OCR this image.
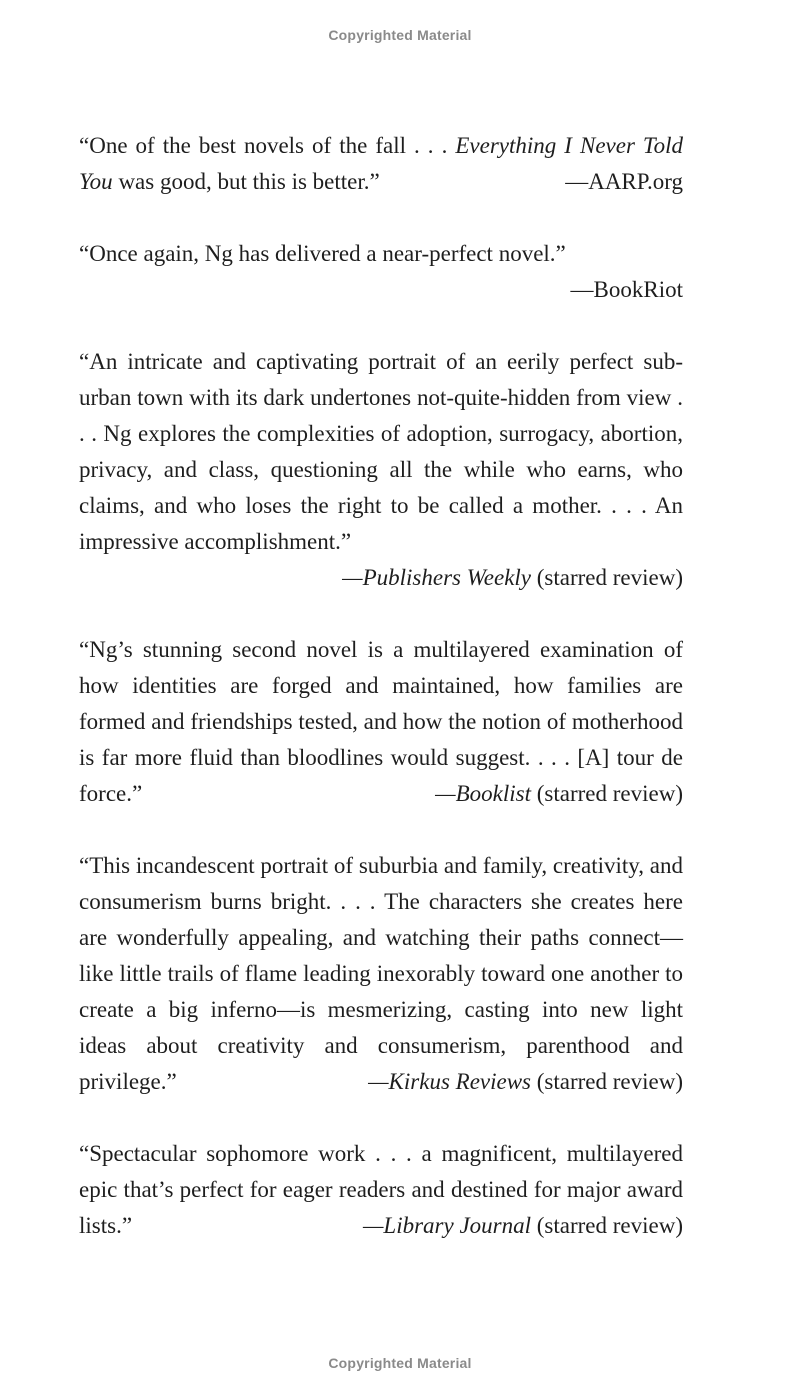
Copyrighted Material

“One of the best novels of the fall . . . Everything I Never Told You was good, but this is better.”	—AARP.org

“Once again, Ng has delivered a near-perfect novel.”

—BookRiot

“An intricate and captivating portrait of an eerily perfect suburban town with its dark undertones not-quite-hidden from view . . . Ng explores the complexities of adoption, surrogacy, abortion, privacy, and class, questioning all the while who earns, who claims, and who loses the right to be called a mother. . . . An impressive accomplishment.”

—Publishers Weekly (starred review)

“Ng’s stunning second novel is a multilayered examination of how identities are forged and maintained, how families are formed and friendships tested, and how the notion of motherhood is far more fluid than bloodlines would suggest. . . . [A] tour de force.”	—Booklist (starred review)

“This incandescent portrait of suburbia and family, creativity, and consumerism burns bright. . . . The characters she creates here are wonderfully appealing, and watching their paths connect—like little trails of flame leading inexorably toward one another to create a big inferno—is mesmerizing, casting into new light ideas about creativity and consumerism, parenthood and privilege.”	—Kirkus Reviews (starred review)

“Spectacular sophomore work . . . a magnificent, multilayered epic that’s perfect for eager readers and destined for major award lists.”	—Library Journal (starred review)

Copyrighted Material
